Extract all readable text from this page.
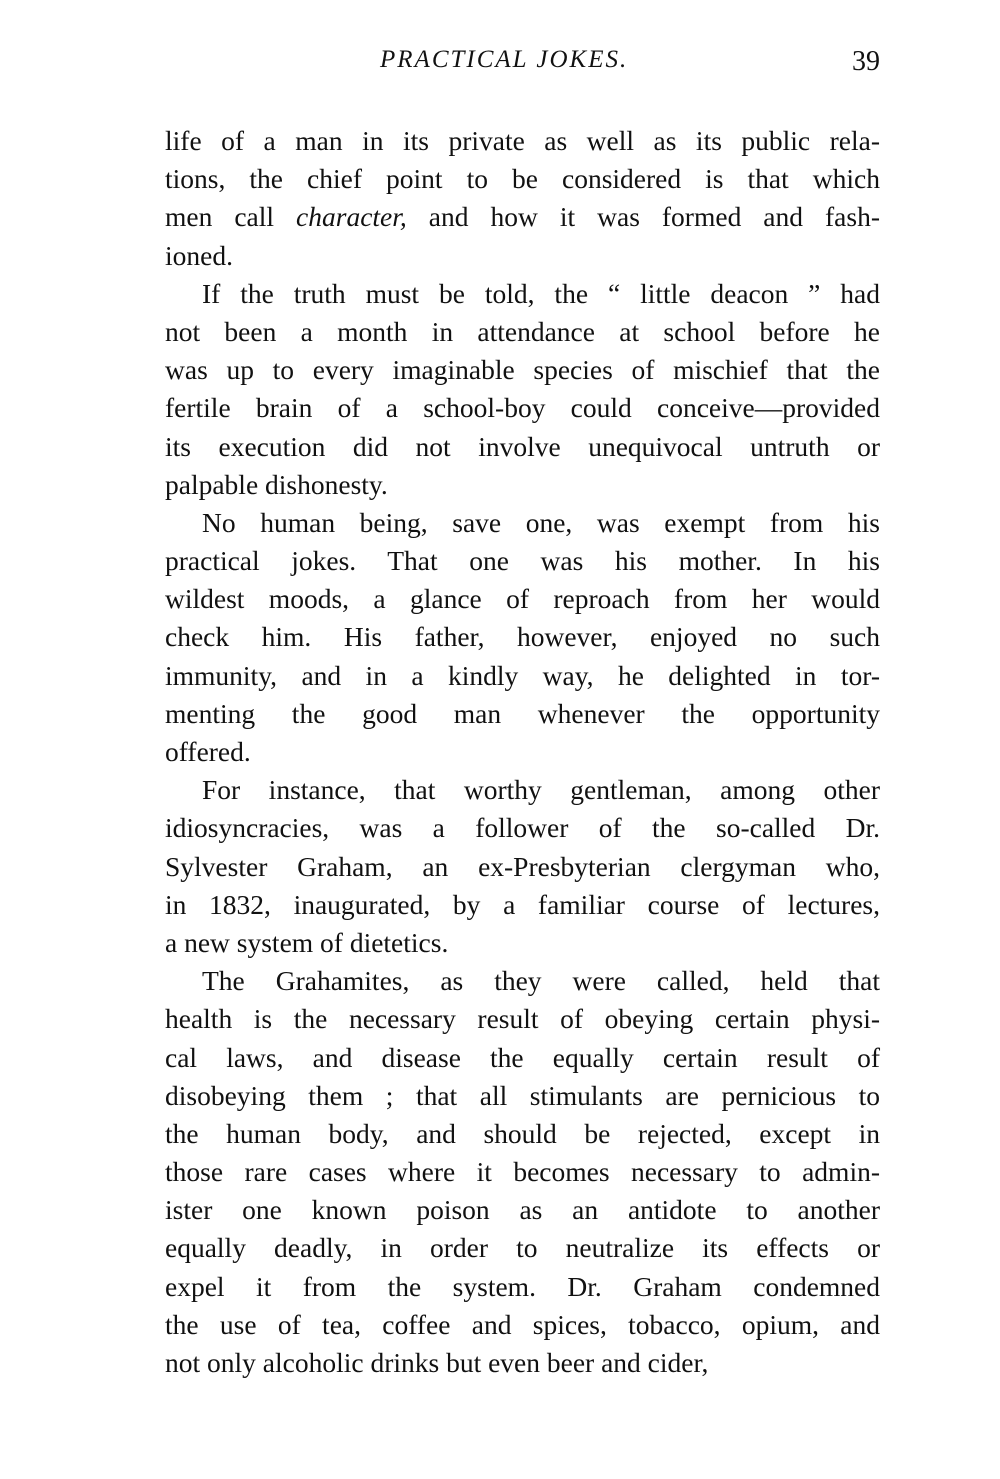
PRACTICAL JOKES.	39
life of a man in its private as well as its public rela-
tions, the chief point to be considered is that which
men call character, and how it was formed and fash-
ioned.
If the truth must be told, the “ little deacon ” had
not been a month in attendance at school before he
was up to every imaginable species of mischief that the
fertile brain of a school-boy could conceive—provided
its execution did not involve unequivocal untruth or
palpable dishonesty.
No human being, save one, was exempt from his
practical jokes. That one was his mother. In his
wildest moods, a glance of reproach from her would
check him. His father, however, enjoyed no such
immunity, and in a kindly way, he delighted in tor-
menting the good man whenever the opportunity
offered.
For instance, that worthy gentleman, among other
idiosyncracies, was a follower of the so-called Dr.
Sylvester Graham, an ex-Presbyterian clergyman who,
in 1832, inaugurated, by a familiar course of lectures,
a new system of dietetics.
The Grahamites, as they were called, held that
health is the necessary result of obeying certain physi-
cal laws, and disease the equally certain result of
disobeying them ; that all stimulants are pernicious to
the human body, and should be rejected, except in
those rare cases where it becomes necessary to admin-
ister one known poison as an antidote to another
equally deadly, in order to neutralize its effects or
expel it from the system. Dr. Graham condemned
the use of tea, coffee and spices, tobacco, opium, and
not only alcoholic drinks but even beer and cider,
